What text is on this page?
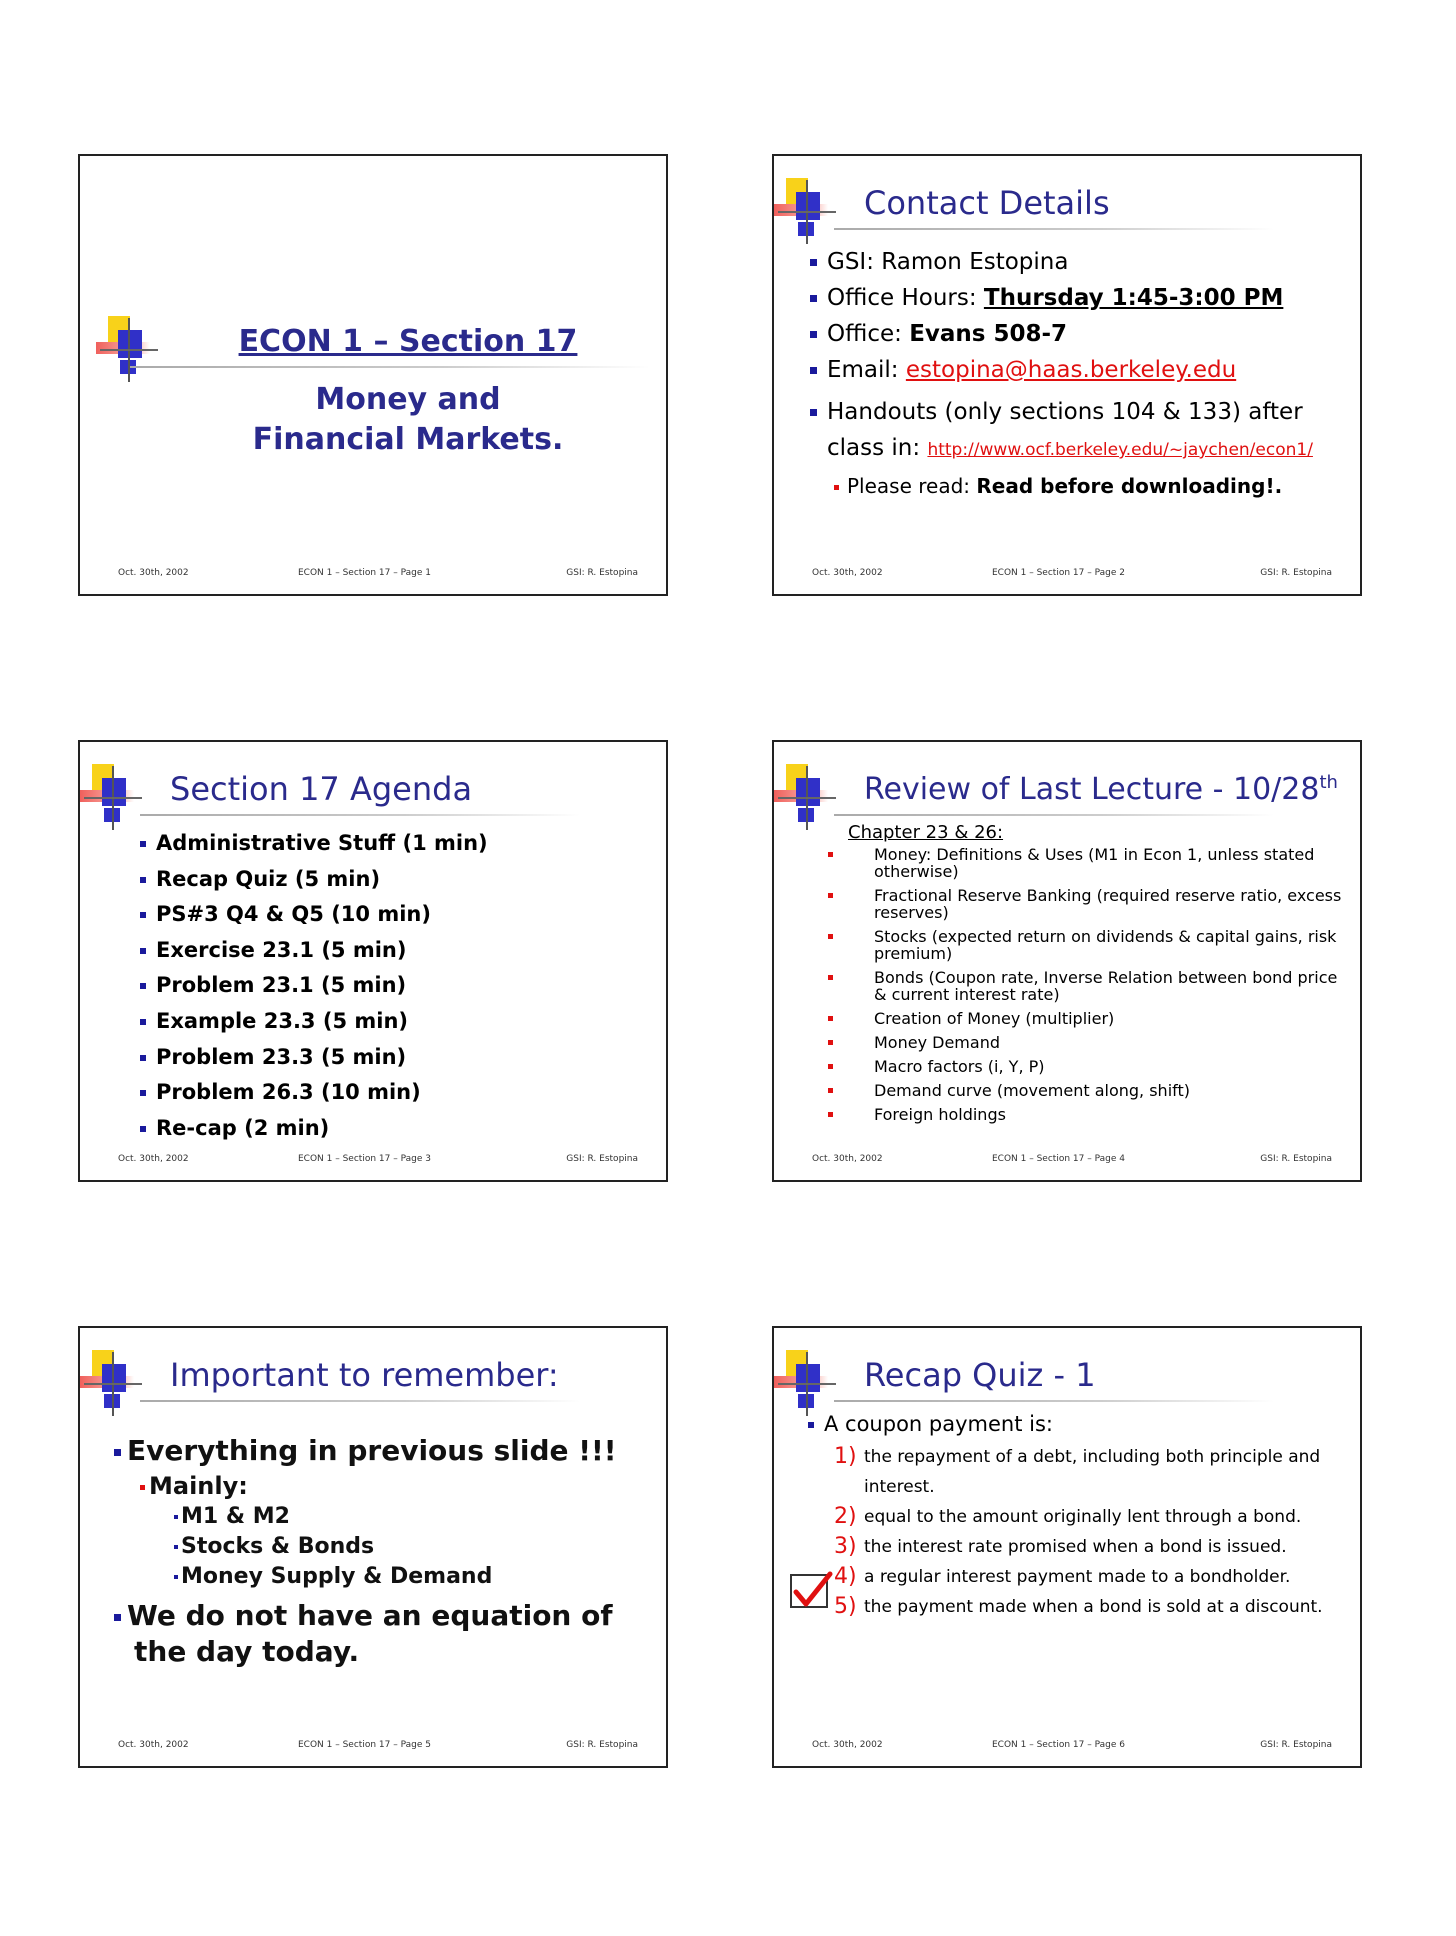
ECON 1 – Section 17
Money and
Financial Markets.
Oct. 30th, 2002	ECON 1 – Section 17 – Page 1	GSI: R. Estopina
Contact Details
GSI: Ramon Estopina
Office Hours: Thursday 1:45-3:00 PM
Office: Evans 508-7
Email: estopina@haas.berkeley.edu
Handouts (only sections 104 & 133) after
class in: http://www.ocf.berkeley.edu/~jaychen/econ1/
Please read: Read before downloading!.
Oct. 30th, 2002	ECON 1 – Section 17 – Page 2	GSI: R. Estopina
Section 17 Agenda
Administrative Stuff (1 min)
Recap Quiz (5 min)
PS#3 Q4 & Q5 (10 min)
Exercise 23.1 (5 min)
Problem 23.1 (5 min)
Example 23.3 (5 min)
Problem 23.3 (5 min)
Problem 26.3 (10 min)
Re-cap (2 min)
Oct. 30th, 2002	ECON 1 – Section 17 – Page 3	GSI: R. Estopina
Review of Last Lecture - 10/28th
Chapter 23 & 26:
Money: Definitions & Uses (M1 in Econ 1, unless stated otherwise)
Fractional Reserve Banking (required reserve ratio, excess reserves)
Stocks (expected return on dividends & capital gains, risk premium)
Bonds (Coupon rate, Inverse Relation between bond price & current interest rate)
Creation of Money (multiplier)
Money Demand
Macro factors (i, Y, P)
Demand curve (movement along, shift)
Foreign holdings
Oct. 30th, 2002	ECON 1 – Section 17 – Page 4	GSI: R. Estopina
Important to remember:
Everything in previous slide !!!
Mainly:
M1 & M2
Stocks & Bonds
Money Supply & Demand
We do not have an equation of
the day today.
Oct. 30th, 2002	ECON 1 – Section 17 – Page 5	GSI: R. Estopina
Recap Quiz - 1
A coupon payment is:
1) the repayment of a debt, including both principle and interest.
2) equal to the amount originally lent through a bond.
3) the interest rate promised when a bond is issued.
4) a regular interest payment made to a bondholder.
5) the payment made when a bond is sold at a discount.
Oct. 30th, 2002	ECON 1 – Section 17 – Page 6	GSI: R. Estopina
